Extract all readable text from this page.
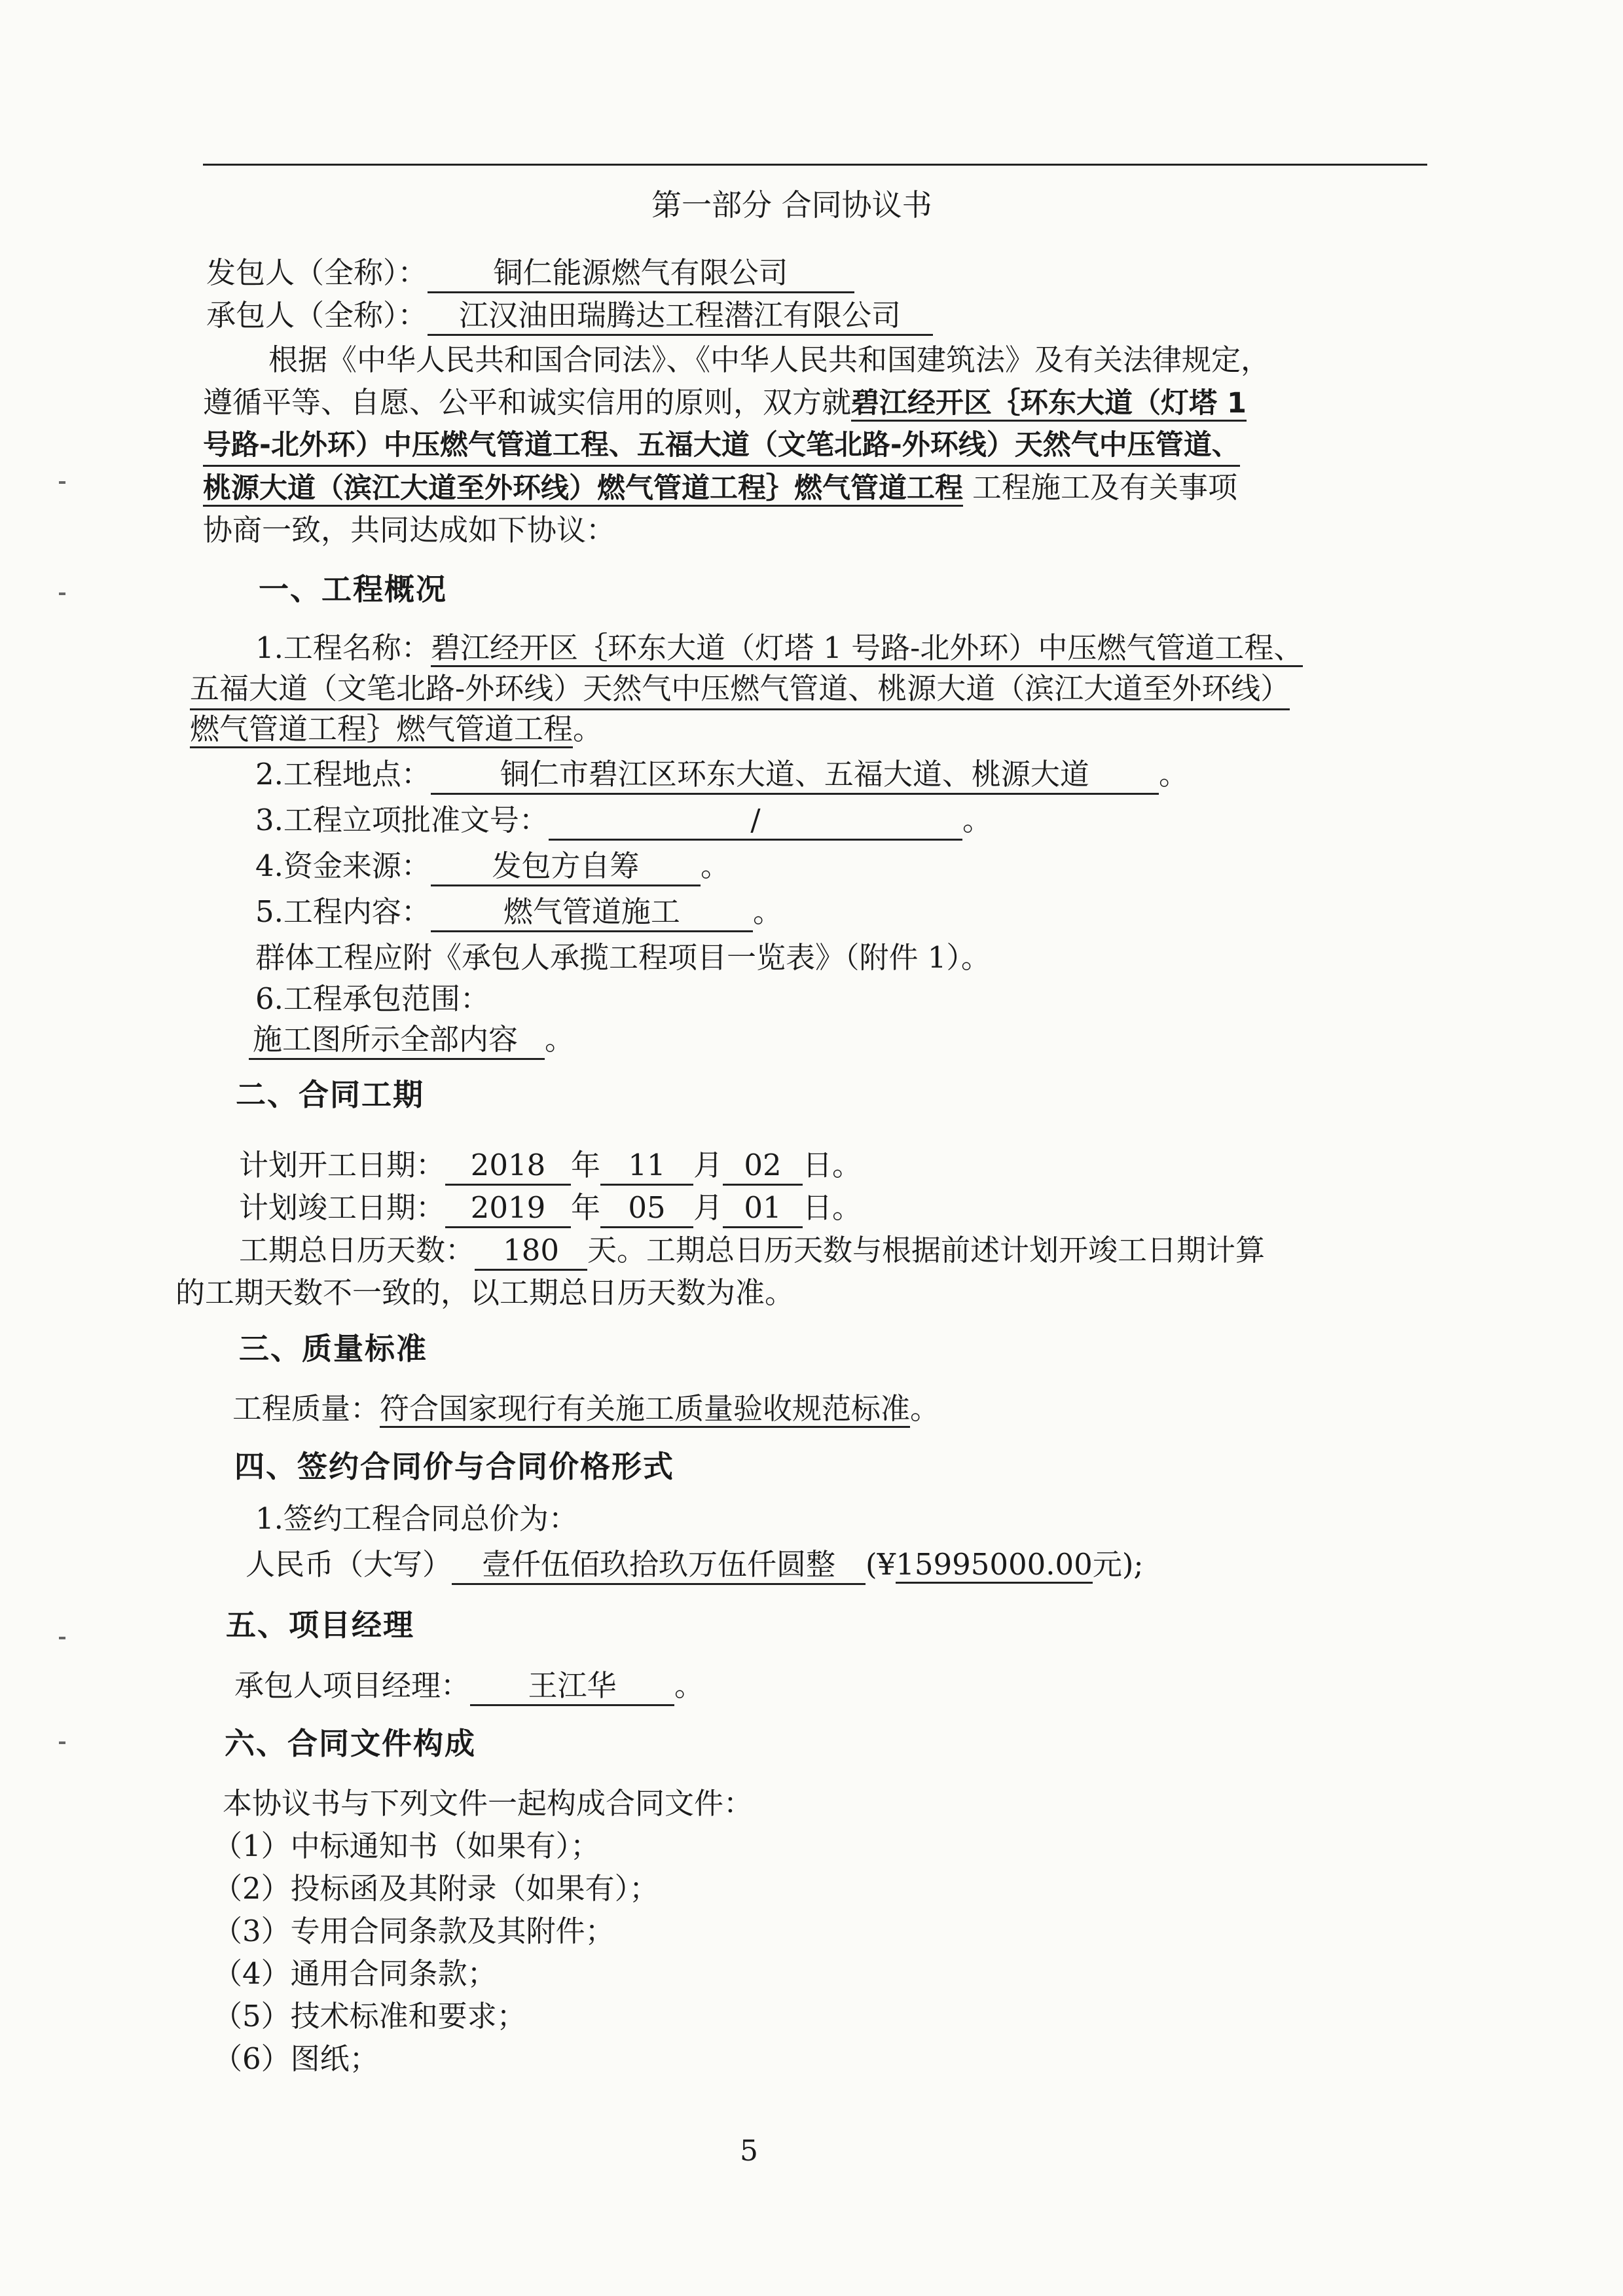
第一部分 合同协议书
发包人（全称）： 铜仁能源燃气有限公司
承包人（全称）： 江汉油田瑞腾达工程潜江有限公司
根据《中华人民共和国合同法》、《中华人民共和国建筑法》及有关法律规定，
遵循平等、自愿、公平和诚实信用的原则，双方就碧江经开区｛环东大道（灯塔 1
号路-北外环）中压燃气管道工程、五福大道（文笔北路-外环线）天然气中压管道、
桃源大道（滨江大道至外环线）燃气管道工程｝燃气管道工程 工程施工及有关事项
协商一致，共同达成如下协议：
一、工程概况
1.工程名称：碧江经开区｛环东大道（灯塔 1 号路-北外环）中压燃气管道工程、
五福大道（文笔北路-外环线）天然气中压燃气管道、桃源大道（滨江大道至外环线）
燃气管道工程｝燃气管道工程。
2.工程地点： 铜仁市碧江区环东大道、五福大道、桃源大道 。
3.工程立项批准文号：	/	。
4.资金来源： 发包方自筹 。
5.工程内容： 燃气管道施工 。
群体工程应附《承包人承揽工程项目一览表》（附件 1）。
6.工程承包范围：
施工图所示全部内容 。
二、合同工期
计划开工日期： 2018 年 11 月 02 日。
计划竣工日期： 2019 年 05 月 01 日。
工期总日历天数： 180 天。工期总日历天数与根据前述计划开竣工日期计算
的工期天数不一致的，以工期总日历天数为准。
三、质量标准
工程质量：符合国家现行有关施工质量验收规范标准。
四、签约合同价与合同价格形式
1.签约工程合同总价为：
人民币（大写） 壹仟伍佰玖拾玖万伍仟圆整 (¥15995000.00元);
五、项目经理
承包人项目经理： 王江华 。
六、合同文件构成
本协议书与下列文件一起构成合同文件：
（1）中标通知书（如果有）；
（2）投标函及其附录（如果有）；
（3）专用合同条款及其附件；
（4）通用合同条款；
（5）技术标准和要求；
（6）图纸；
5
